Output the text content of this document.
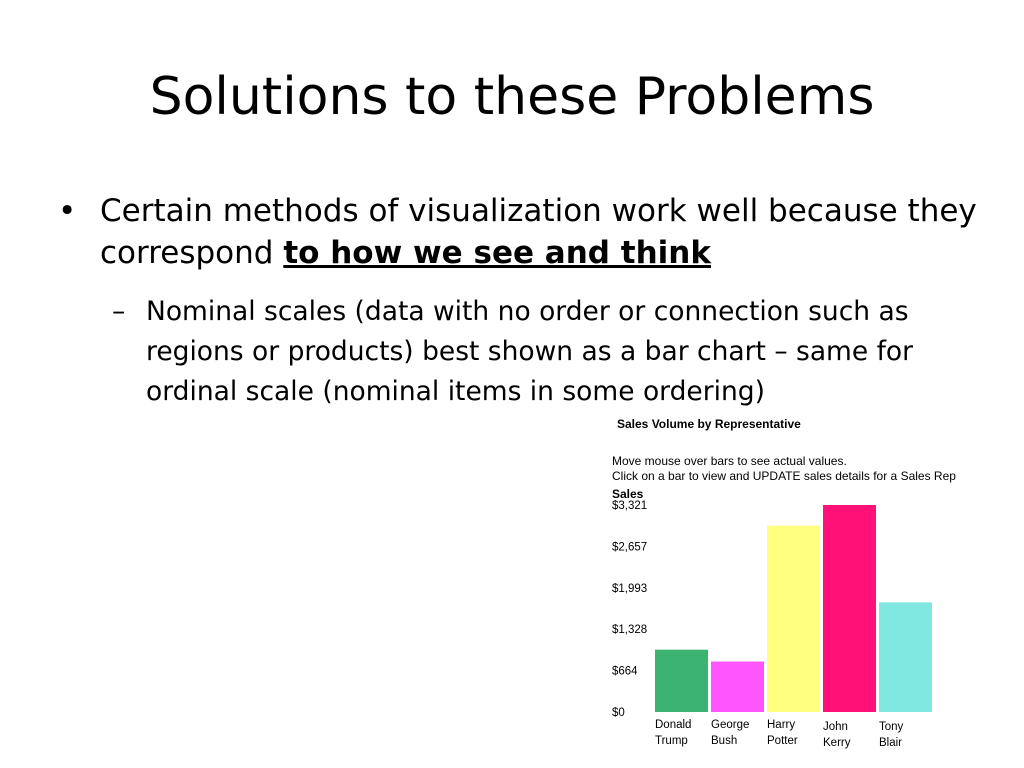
Solutions to these Problems
• Certain methods of visualization work well because they correspond to how we see and think
– Nominal scales (data with no order or connection such as regions or products) best shown as a bar chart – same for ordinal scale (nominal items in some ordering)
Sales Volume by Representative
Move mouse over bars to see actual values.
Click on a bar to view and UPDATE sales details for a Sales Rep
Sales
$0
$664
$1,328
$1,993
$2,657
$3,321
Donald Trump
George Bush
Harry Potter
John Kerry
Tony Blair
